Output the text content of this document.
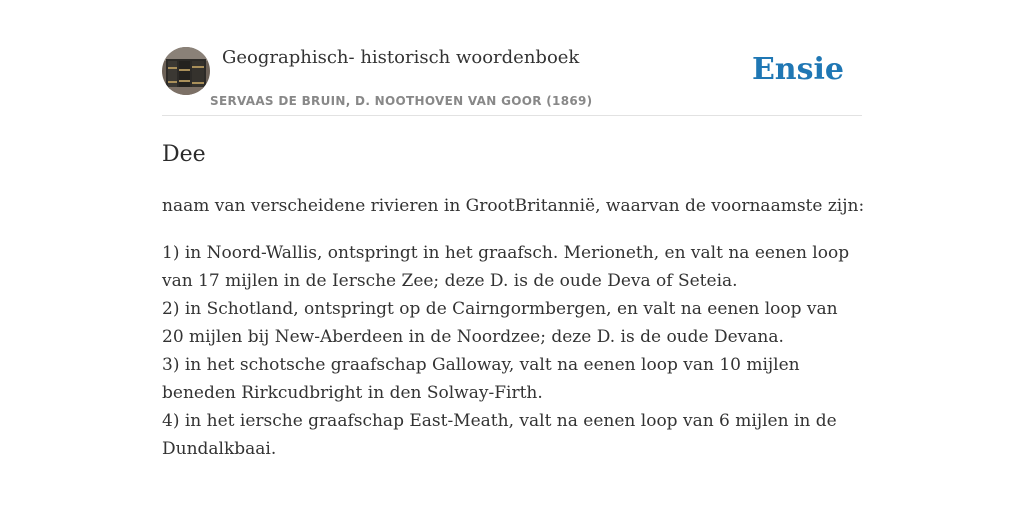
Geographisch- historisch woordenboek
SERVAAS DE BRUIN, D. NOOTHOVEN VAN GOOR (1869)
Ensie
Dee

naam van verscheidene rivieren in GrootBritannië, waarvan de voornaamste zijn:

1) in Noord-Wallis, ontspringt in het graafsch. Merioneth, en valt na eenen loop van 17 mijlen in de Iersche Zee; deze D. is de oude Deva of Seteia.

2) in Schotland, ontspringt op de Cairngormbergen, en valt na eenen loop van 20 mijlen bij New-Aberdeen in de Noordzee; deze D. is de oude Devana.

3) in het schotsche graafschap Galloway, valt na eenen loop van 10 mijlen beneden Rirkcudbright in den Solway-Firth.

4) in het iersche graafschap East-Meath, valt na eenen loop van 6 mijlen in de Dundalkbaai.
